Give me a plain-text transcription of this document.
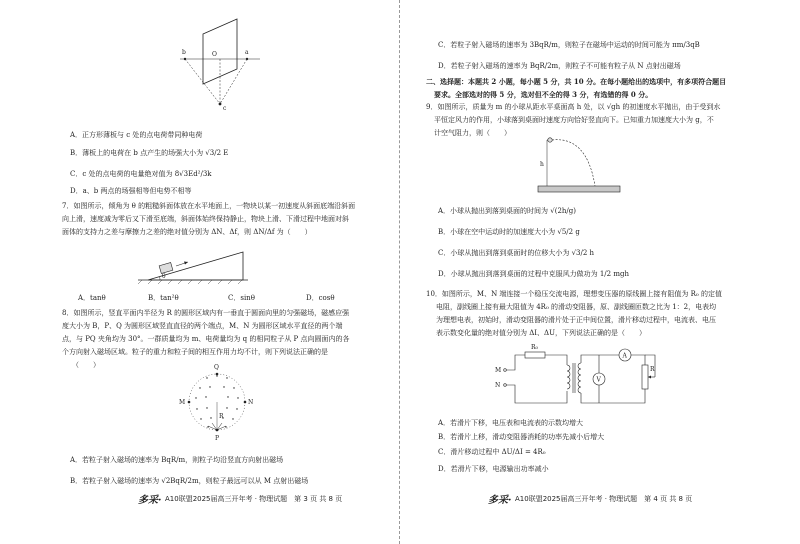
b	O	a
c
A．正方形薄板与 c 处的点电荷带同种电荷
B．薄板上的电荷在 b 点产生的场强大小为 √3/2 E
C．c 处的点电荷的电量绝对值为 8√3Ed²/3k
D．a、b 两点的场强相等但电势不相等
7．如图所示，倾角为 θ 的粗糙斜面体放在水平地面上，一物块以某一初速度从斜面底端沿斜面
向上滑，速度减为零后又下滑至底端，斜面体始终保持静止，物块上滑、下滑过程中地面对斜
面体的支持力之差与摩擦力之差的绝对值分别为 ΔN、Δf，则 ΔN/Δf 为（　　）
θ
A．tanθ	B．tan²θ	C．sinθ	D．cosθ
8．如图所示，竖直平面内半径为 R 的圆形区域内有一垂直于圆面向里的匀强磁场，磁感应强
度大小为 B，P、Q 为圆形区域竖直直径的两个端点，M、N 为圆形区域水平直径的两个端
点，与 PQ 夹角均为 30°。一群质量均为 m、电荷量均为 q 的相同粒子从 P 点向圆面内的各
个方向射入磁场区域。粒子的重力和粒子间的相互作用力均不计，则下列说法正确的是
（　　）	Q
M	N
P
R
A．若粒子射入磁场的速率为 BqR/m，则粒子均沿竖直方向射出磁场
B．若粒子射入磁场的速率为 √2BqR/2m，则粒子最远可以从 M 点射出磁场
多采· A10联盟2025届高三开年考 · 物理试题　第 3 页 共 8 页
C．若粒子射入磁场的速率为 3BqR/m，则粒子在磁场中运动的时间可能为 πm/3qB
D．若粒子射入磁场的速率为 BqR/2m，则粒子不可能有粒子从 N 点射出磁场
二、选择题：本题共 2 小题，每小题 5 分，共 10 分。在每小题给出的选项中，有多项符合题目
要求。全部选对的得 5 分，选对但不全的得 3 分，有选错的得 0 分。
9．如图所示，质量为 m 的小球从距水平桌面高 h 处，以 √gh 的初速度水平抛出，由于受到水
平恒定风力的作用，小球落到桌面时速度方向恰好竖直向下。已知重力加速度大小为 g，不
计空气阻力，则（　　）
h
A．小球从抛出到落到桌面的时间为 √(2h/g)
B．小球在空中运动时的加速度大小为 √5/2 g
C．小球从抛出到落到桌面时的位移大小为 √3/2 h
D．小球从抛出到落到桌面的过程中克服风力做功为 1/2 mgh
10．如图所示，M、N 端连接一个稳压交流电源，理想变压器的原线圈上接有阻值为 R₀ 的定值
电阻，副线圈上接有最大阻值为 4R₀ 的滑动变阻器，原、副线圈匝数之比为 1：2，电表均
为理想电表，初始时，滑动变阻器的滑片处于正中间位置，滑片移动过程中，电流表、电压
表示数变化量的绝对值分别为 ΔI、ΔU，下列说法正确的是（　　）
R₀
M
N
V
A
R
A．若滑片下移，电压表和电流表的示数均增大
B．若滑片上移，滑动变阻器消耗的功率先减小后增大
C．滑片移动过程中 ΔU/ΔI = 4R₀
D．若滑片下移，电源输出功率减小
多采· A10联盟2025届高三开年考 · 物理试题　第 4 页 共 8 页
